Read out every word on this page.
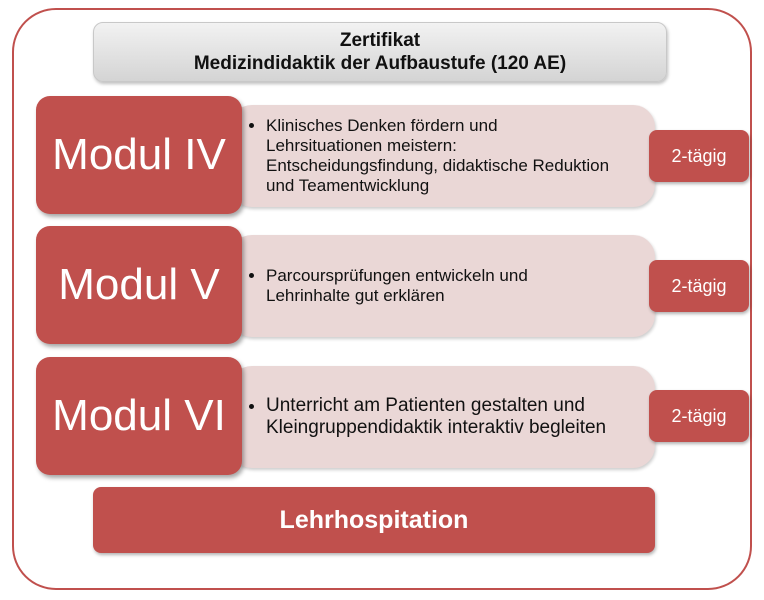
Zertifikat
Medizindidaktik der Aufbaustufe (120 AE)
Modul IV
• Klinisches Denken fördern und Lehrsituationen meistern: Entscheidungsfindung, didaktische Reduktion und Teamentwicklung
2-tägig
Modul V	• Parcoursprüfungen entwickeln und Lehrinhalte gut erklären	2-tägig
Modul VI • Unterricht am Patienten gestalten und Kleingruppendidaktik interaktiv begleiten
2-tägig
Lehrhospitation
